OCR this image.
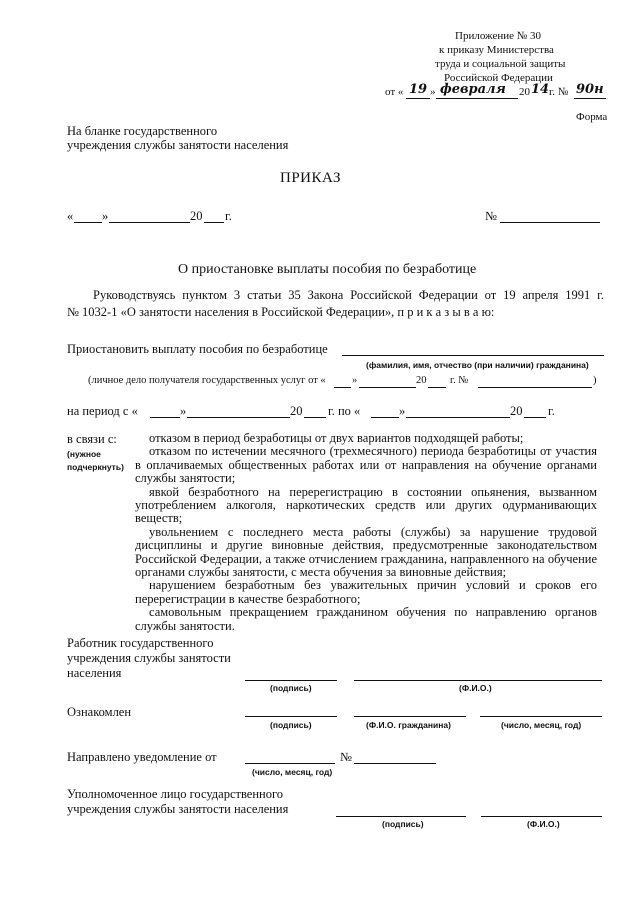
Приложение № 30
к приказу Министерства
труда и социальной защиты
Российской Федерации
от « 19 » февраля 20 14 г. № 90н
Форма
На бланке государственного
учреждения службы занятости населения
ПРИКАЗ
« »	20 г.	№
О приостановке выплаты пособия по безработице
Руководствуясь пунктом 3 статьи 35 Закона Российской Федерации от 19 апреля 1991 г.
№ 1032-1 «О занятости населения в Российской Федерации», п р и к а з ы в а ю:
Приостановить выплату пособия по безработице
(фамилия, имя, отчество (при наличии) гражданина)
(личное дело получателя государственных услуг от «	»	20 г. №	)
на период с «	»	20 г. по «	»	20 г.
в связи с:
(нужное
подчеркнуть)

отказом в период безработицы от двух вариантов подходящей работы;

отказом по истечении месячного (трехмесячного) периода безработицы от участия в оплачиваемых общественных работах или от направления на обучение органами службы занятости;

явкой безработного на перерегистрацию в состоянии опьянения, вызванном употреблением алкоголя, наркотических средств или других одурманивающих веществ;

увольнением с последнего места работы (службы) за нарушение трудовой дисциплины и другие виновные действия, предусмотренные законодательством Российской Федерации, а также отчислением гражданина, направленного на обучение органами службы занятости, с места обучения за виновные действия;

нарушением безработным без уважительных причин условий и сроков его перерегистрации в качестве безработного;

самовольным прекращением гражданином обучения по направлению органов службы занятости.

Работник государственного
учреждения службы занятости
населения
(подпись)	(Ф.И.О.)
Ознакомлен
(подпись)	(Ф.И.О. гражданина)	(число, месяц, год)
Направлено уведомление от	№
(число, месяц, год)
Уполномоченное лицо государственного
учреждения службы занятости населения
(подпись)	(Ф.И.О.)
